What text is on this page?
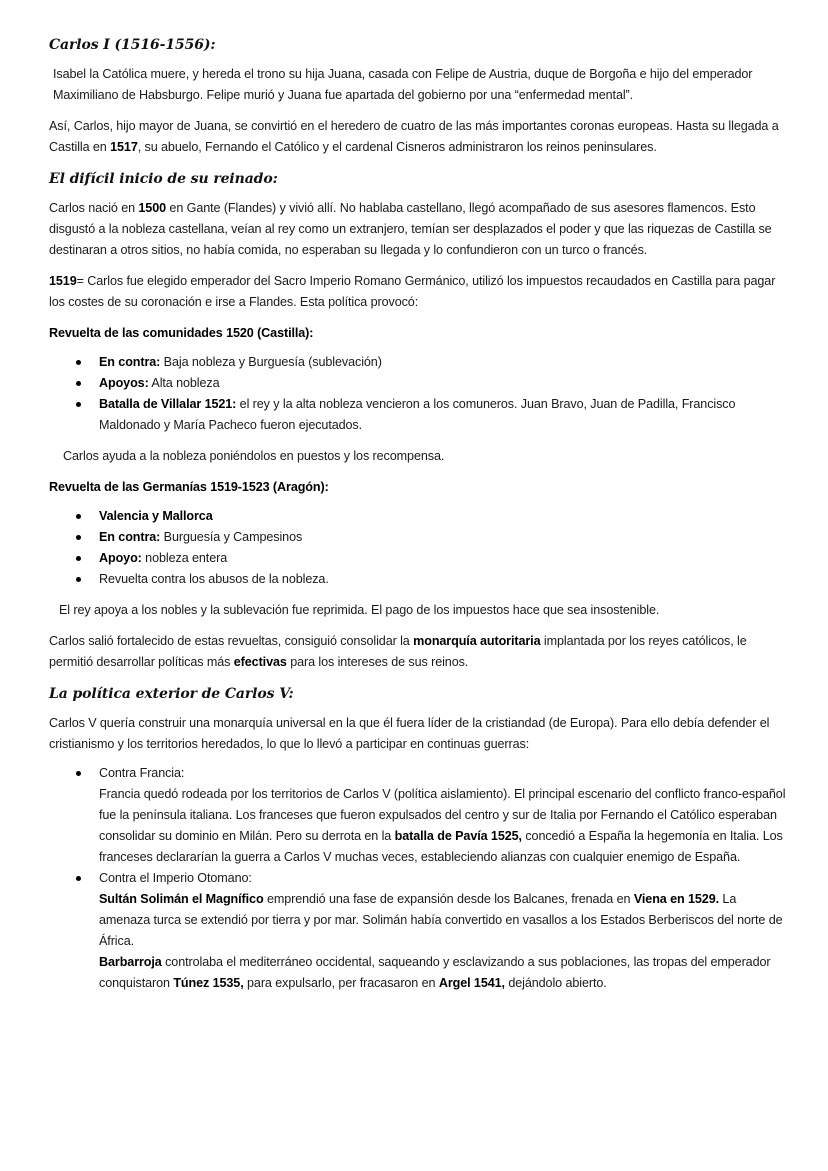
Carlos I (1516-1556):

Isabel la Católica muere, y hereda el trono su hija Juana, casada con Felipe de Austria, duque de Borgoña e hijo del emperador Maximiliano de Habsburgo. Felipe murió y Juana fue apartada del gobierno por una “enfermedad mental”.

Así, Carlos, hijo mayor de Juana, se convirtió en el heredero de cuatro de las más importantes coronas europeas. Hasta su llegada a Castilla en 1517, su abuelo, Fernando el Católico y el cardenal Cisneros administraron los reinos peninsulares.

El difícil inicio de su reinado:

Carlos nació en 1500 en Gante (Flandes) y vivió allí. No hablaba castellano, llegó acompañado de sus asesores flamencos. Esto disgustó a la nobleza castellana, veían al rey como un extranjero, temían ser desplazados el poder y que las riquezas de Castilla se destinaran a otros sitios, no había comida, no esperaban su llegada y lo confundieron con un turco o francés.

1519= Carlos fue elegido emperador del Sacro Imperio Romano Germánico, utilizó los impuestos recaudados en Castilla para pagar los costes de su coronación e irse a Flandes. Esta política provocó:

Revuelta de las comunidades 1520 (Castilla):

En contra: Baja nobleza y Burguesía (sublevación)
Apoyos: Alta nobleza
Batalla de Villalar 1521: el rey y la alta nobleza vencieron a los comuneros. Juan Bravo, Juan de Padilla, Francisco Maldonado y María Pacheco fueron ejecutados.

Carlos ayuda a la nobleza poniéndolos en puestos y los recompensa.

Revuelta de las Germanías 1519-1523 (Aragón):

Valencia y Mallorca
En contra: Burguesía y Campesinos
Apoyo: nobleza entera
Revuelta contra los abusos de la nobleza.

El rey apoya a los nobles y la sublevación fue reprimida. El pago de los impuestos hace que sea insostenible.

Carlos salió fortalecido de estas revueltas, consiguió consolidar la monarquía autoritaria implantada por los reyes católicos, le permitió desarrollar políticas más efectivas para los intereses de sus reinos.

La política exterior de Carlos V:

Carlos V quería construir una monarquía universal en la que él fuera líder de la cristiandad (de Europa). Para ello debía defender el cristianismo y los territorios heredados, lo que lo llevó a participar en continuas guerras:

Contra Francia:
Francia quedó rodeada por los territorios de Carlos V (política aislamiento). El principal escenario del conflicto franco-español fue la península italiana. Los franceses que fueron expulsados del centro y sur de Italia por Fernando el Católico esperaban consolidar su dominio en Milán. Pero su derrota en la batalla de Pavía 1525, concedió a España la hegemonía en Italia. Los franceses declararían la guerra a Carlos V muchas veces, estableciendo alianzas con cualquier enemigo de España.
Contra el Imperio Otomano:
Sultán Solimán el Magnífico emprendió una fase de expansión desde los Balcanes, frenada en Viena en 1529. La amenaza turca se extendió por tierra y por mar. Solimán había convertido en vasallos a los Estados Berberiscos del norte de África.
Barbarroja controlaba el mediterráneo occidental, saqueando y esclavizando a sus poblaciones, las tropas del emperador conquistaron Túnez 1535, para expulsarlo, per fracasaron en Argel 1541, dejándolo abierto.
